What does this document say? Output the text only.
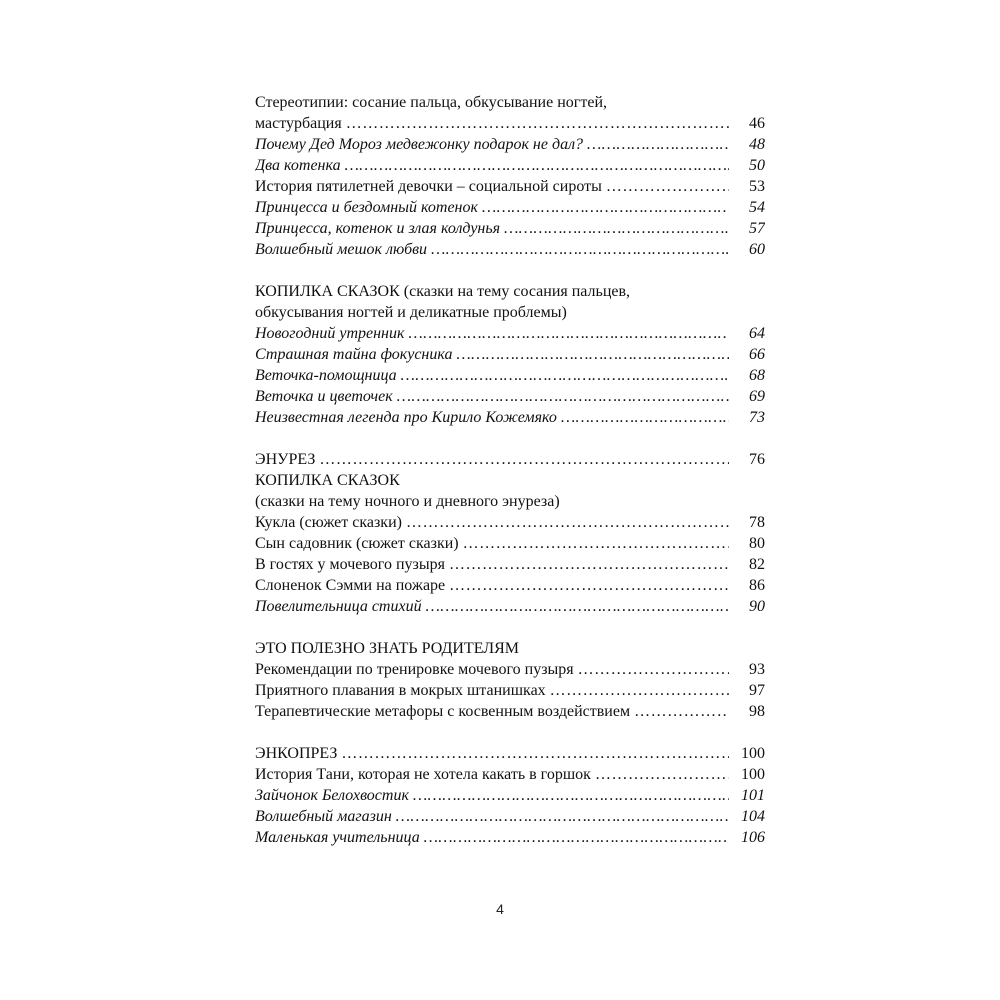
Стереотипии: сосание пальца, обкусывание ногтей,
мастурбация ……………………………………………………………………………………………………………………………………………………………………	46
Почему Дед Мороз медвежонку подарок не дал? ……………………………………………………………………………………………………………………………………………………………………	48
Два котенка ……………………………………………………………………………………………………………………………………………………………………	50
История пятилетней девочки – социальной сироты ……………………………………………………………………………………………………………………………………………………………………	53
Принцесса и бездомный котенок ……………………………………………………………………………………………………………………………………………………………………	54
Принцесса, котенок и злая колдунья ……………………………………………………………………………………………………………………………………………………………………	57
Волшебный мешок любви ……………………………………………………………………………………………………………………………………………………………………	60
КОПИЛКА СКАЗОК (сказки на тему сосания пальцев,
обкусывания ногтей и деликатные проблемы)
Новогодний утренник ……………………………………………………………………………………………………………………………………………………………………	64
Страшная тайна фокусника ……………………………………………………………………………………………………………………………………………………………………	66
Веточка-помощница ……………………………………………………………………………………………………………………………………………………………………	68
Веточка и цветочек ……………………………………………………………………………………………………………………………………………………………………	69
Неизвестная легенда про Кирило Кожемяко ……………………………………………………………………………………………………………………………………………………………………	73
ЭНУРЕЗ ……………………………………………………………………………………………………………………………………………………………………	76
КОПИЛКА СКАЗОК
(сказки на тему ночного и дневного энуреза)
Кукла (сюжет сказки) ……………………………………………………………………………………………………………………………………………………………………	78
Сын садовник (сюжет сказки) ……………………………………………………………………………………………………………………………………………………………………	80
В гостях у мочевого пузыря ……………………………………………………………………………………………………………………………………………………………………	82
Слоненок Сэмми на пожаре ……………………………………………………………………………………………………………………………………………………………………	86
Повелительница стихий ……………………………………………………………………………………………………………………………………………………………………	90
ЭТО ПОЛЕЗНО ЗНАТЬ РОДИТЕЛЯМ
Рекомендации по тренировке мочевого пузыря ……………………………………………………………………………………………………………………………………………………………………	93
Приятного плавания в мокрых штанишках ……………………………………………………………………………………………………………………………………………………………………	97
Терапевтические метафоры с косвенным воздействием ……………………………………………………………………………………………………………………………………………………………………	98
ЭНКОПРЕЗ ……………………………………………………………………………………………………………………………………………………………………	100
История Тани, которая не хотела какать в горшок ……………………………………………………………………………………………………………………………………………………………………	100
Зайчонок Белохвостик ……………………………………………………………………………………………………………………………………………………………………	101
Волшебный магазин ……………………………………………………………………………………………………………………………………………………………………	104
Маленькая учительница ……………………………………………………………………………………………………………………………………………………………………	106
4
